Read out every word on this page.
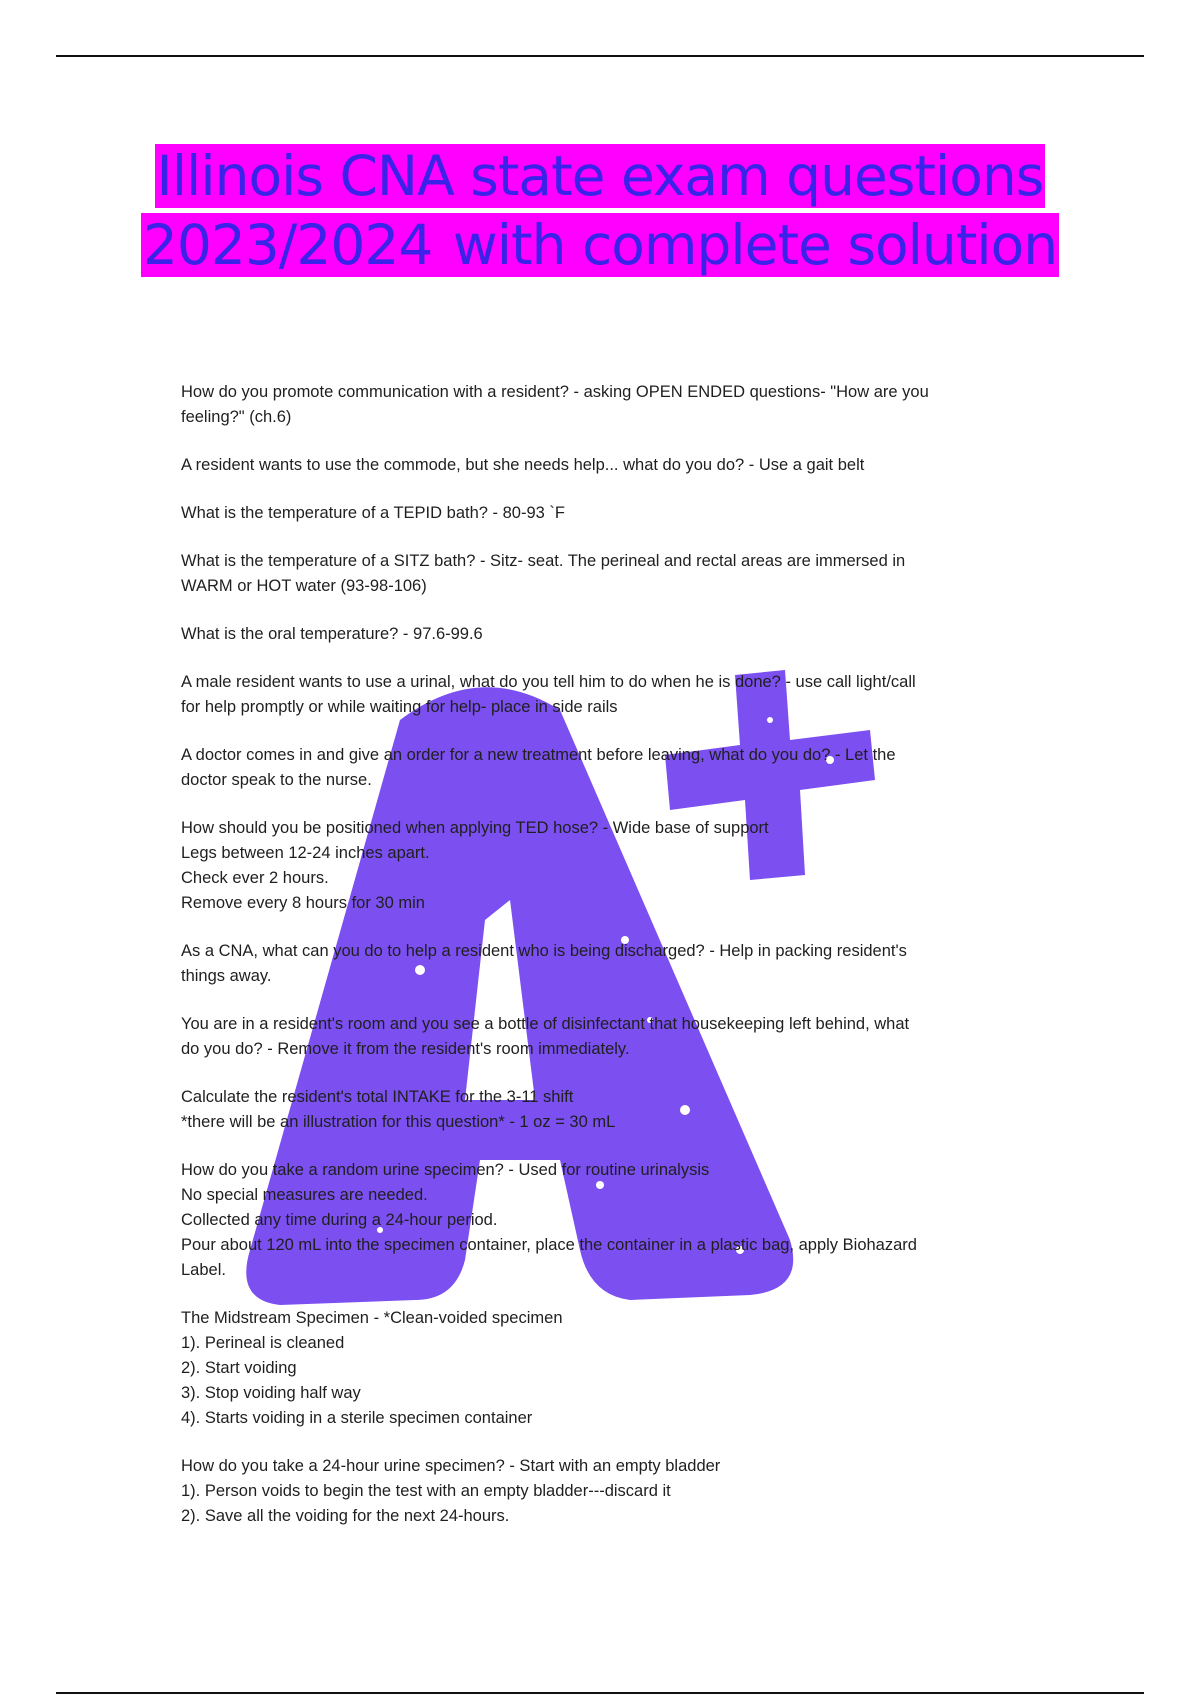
Illinois CNA state exam questions
2023/2024 with complete solution
How do you promote communication with a resident? - asking OPEN ENDED questions- "How are you
feeling?" (ch.6)
A resident wants to use the commode, but she needs help... what do you do? - Use a gait belt
What is the temperature of a TEPID bath? - 80-93 `F
What is the temperature of a SITZ bath? - Sitz- seat. The perineal and rectal areas are immersed in
WARM or HOT water (93-98-106)
What is the oral temperature? - 97.6-99.6
A male resident wants to use a urinal, what do you tell him to do when he is done? - use call light/call
for help promptly or while waiting for help- place in side rails
A doctor comes in and give an order for a new treatment before leaving, what do you do? - Let the
doctor speak to the nurse.
How should you be positioned when applying TED hose? - Wide base of support
Legs between 12-24 inches apart.
Check ever 2 hours.
Remove every 8 hours for 30 min
As a CNA, what can you do to help a resident who is being discharged? - Help in packing resident's
things away.
You are in a resident's room and you see a bottle of disinfectant that housekeeping left behind, what
do you do? - Remove it from the resident's room immediately.
Calculate the resident's total INTAKE for the 3-11 shift
*there will be an illustration for this question* - 1 oz = 30 mL
How do you take a random urine specimen? - Used for routine urinalysis
No special measures are needed.
Collected any time during a 24-hour period.
Pour about 120 mL into the specimen container, place the container in a plastic bag, apply Biohazard
Label.
The Midstream Specimen - *Clean-voided specimen
1). Perineal is cleaned
2). Start voiding
3). Stop voiding half way
4). Starts voiding in a sterile specimen container
How do you take a 24-hour urine specimen? - Start with an empty bladder
1). Person voids to begin the test with an empty bladder---discard it
2). Save all the voiding for the next 24-hours.
